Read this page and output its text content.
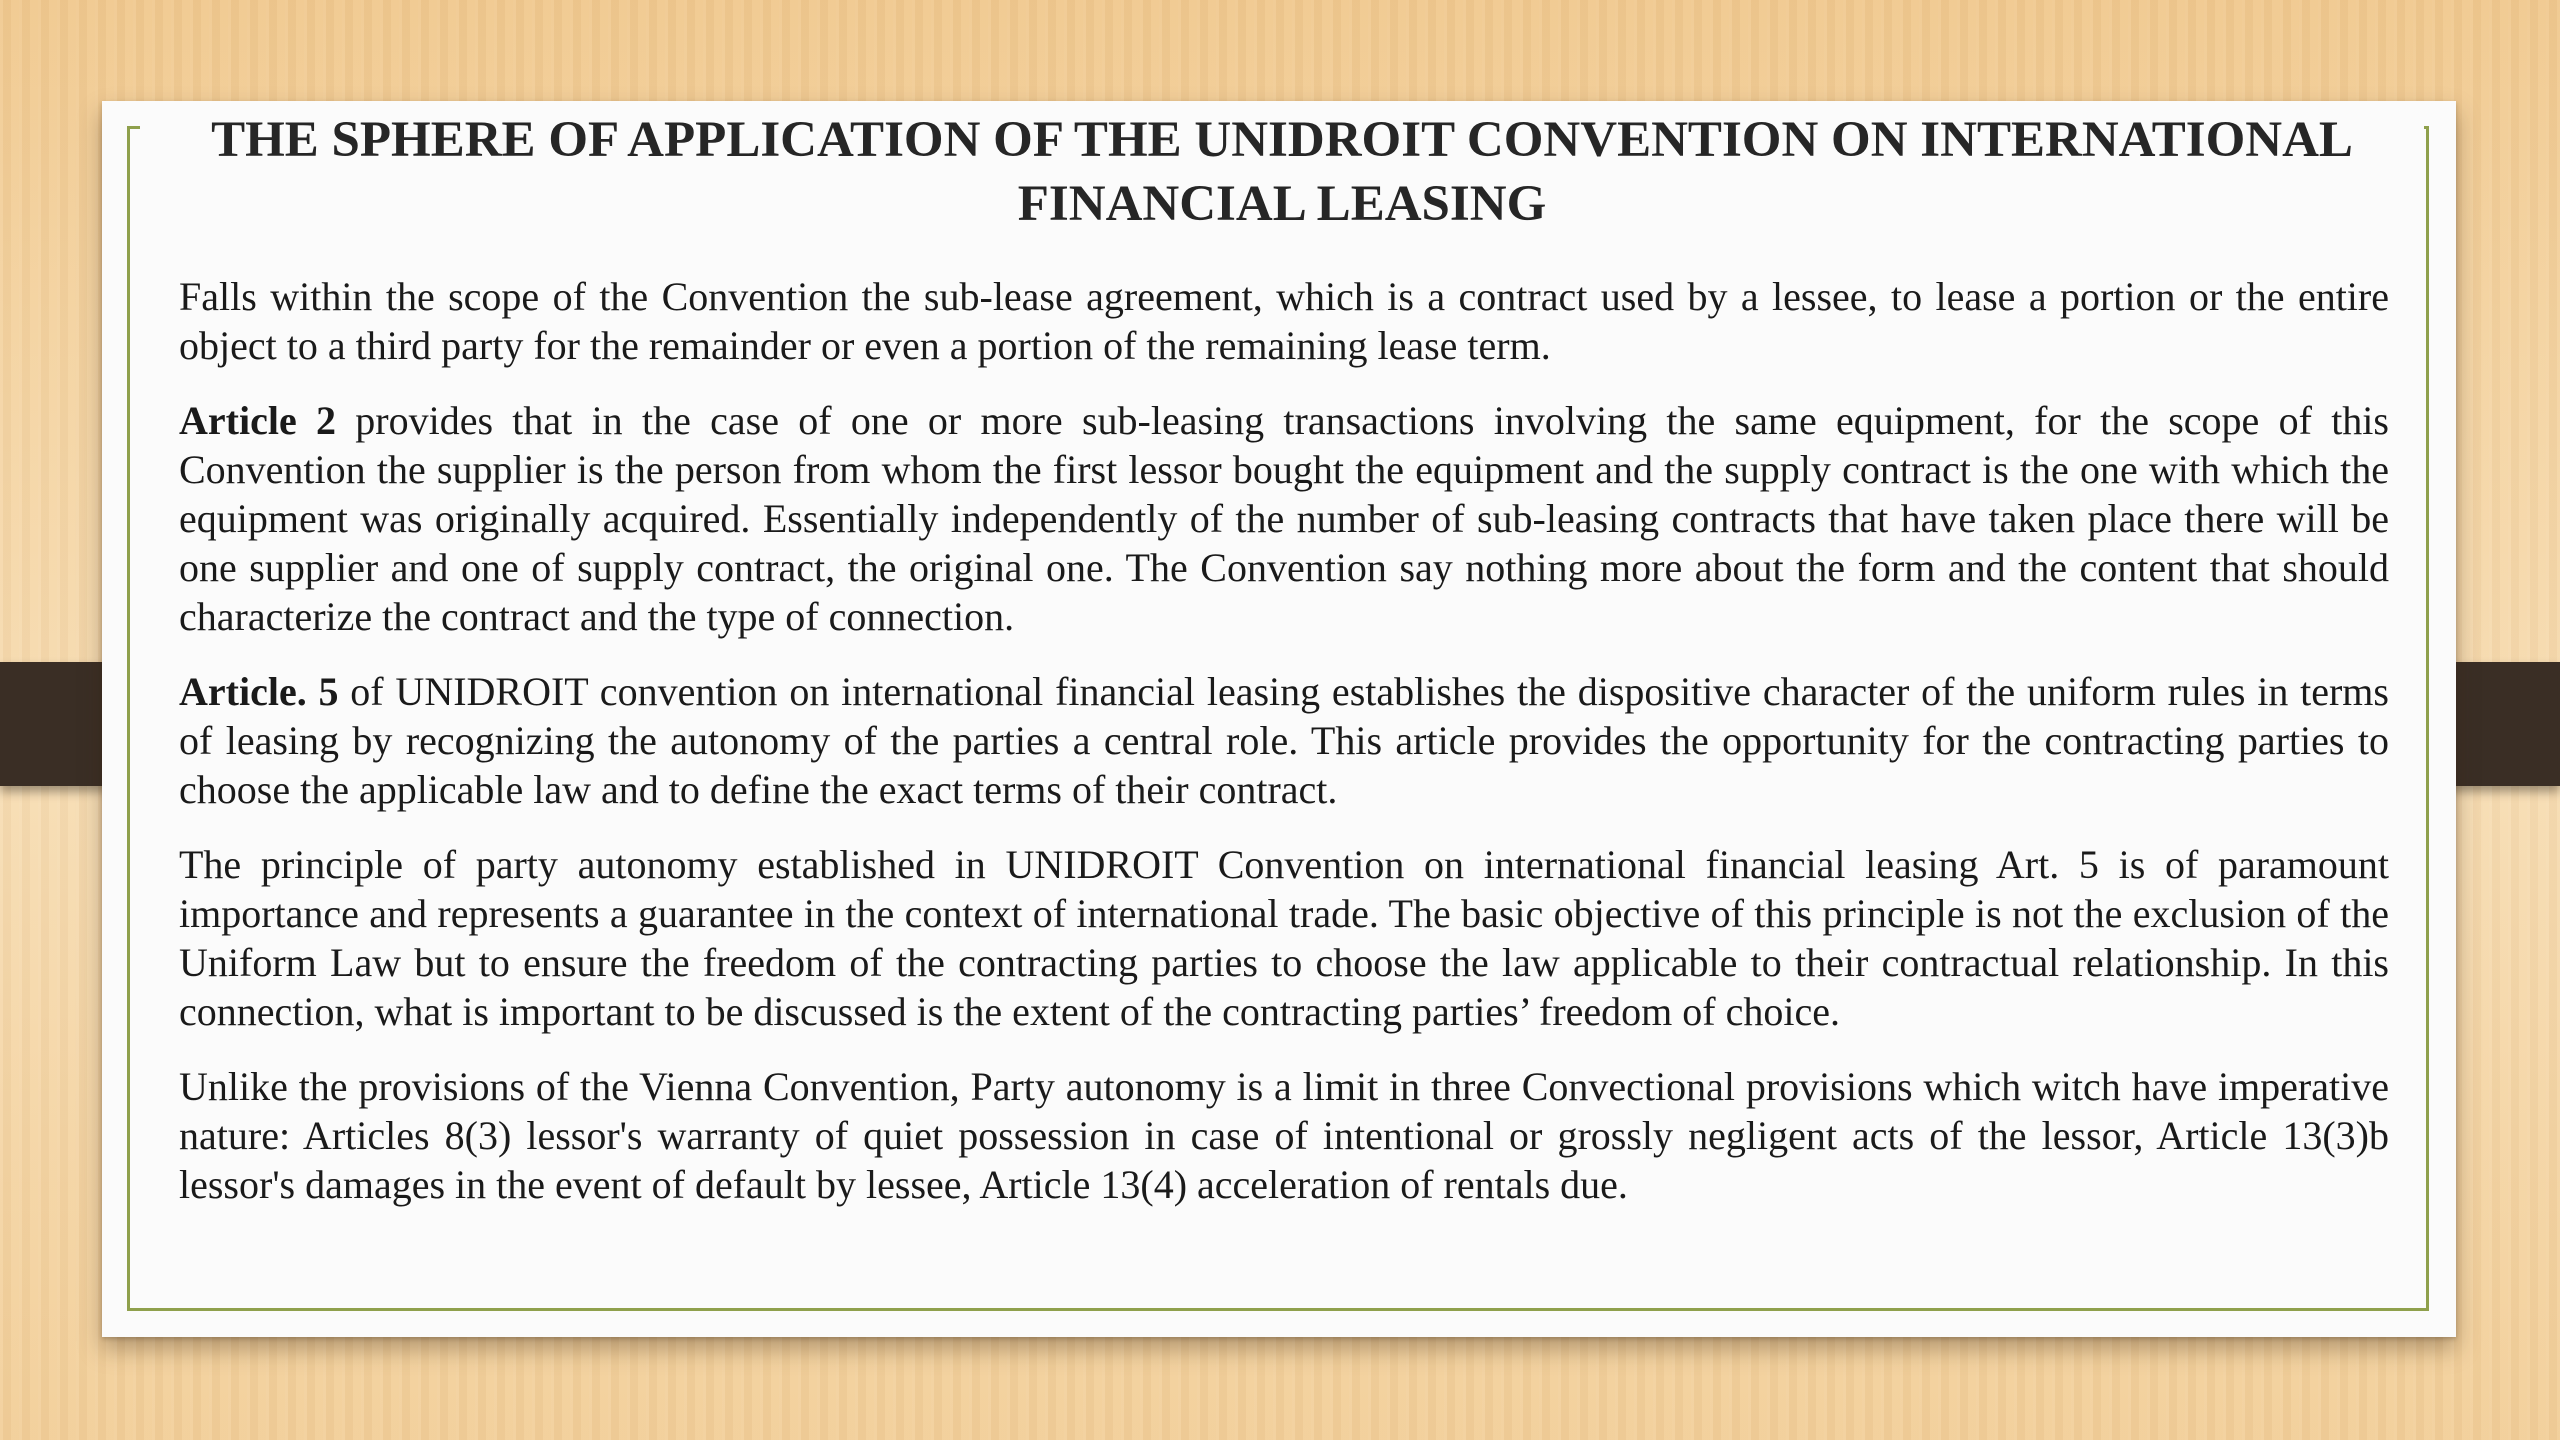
THE SPHERE OF APPLICATION OF THE UNIDROIT CONVENTION ON INTERNATIONAL
FINANCIAL LEASING

Falls within the scope of the Convention the sub-lease agreement, which is a contract used by a lessee, to lease a portion or the entire object to a third party for the remainder or even a portion of the remaining lease term.

Article 2 provides that in the case of one or more sub-leasing transactions involving the same equipment, for the scope of this Convention the supplier is the person from whom the first lessor bought the equipment and the supply contract is the one with which the equipment was originally acquired. Essentially independently of the number of sub-leasing contracts that have taken place there will be one supplier and one of supply contract, the original one. The Convention say nothing more about the form and the content that should characterize the contract and the type of connection.

Article. 5 of UNIDROIT convention on international financial leasing establishes the dispositive character of the uniform rules in terms of leasing by recognizing the autonomy of the parties a central role. This article provides the opportunity for the contracting parties to choose the applicable law and to define the exact terms of their contract.

The principle of party autonomy established in UNIDROIT Convention on international financial leasing Art. 5 is of paramount importance and represents a guarantee in the context of international trade. The basic objective of this principle is not the exclusion of the Uniform Law but to ensure the freedom of the contracting parties to choose the law applicable to their contractual relationship. In this connection, what is important to be discussed is the extent of the contracting parties’ freedom of choice.

Unlike the provisions of the Vienna Convention, Party autonomy is a limit in three Convectional provisions which witch have imperative nature: Articles 8(3) lessor's warranty of quiet possession in case of intentional or grossly negligent acts of the lessor, Article 13(3)b lessor's damages in the event of default by lessee, Article 13(4) acceleration of rentals due.
